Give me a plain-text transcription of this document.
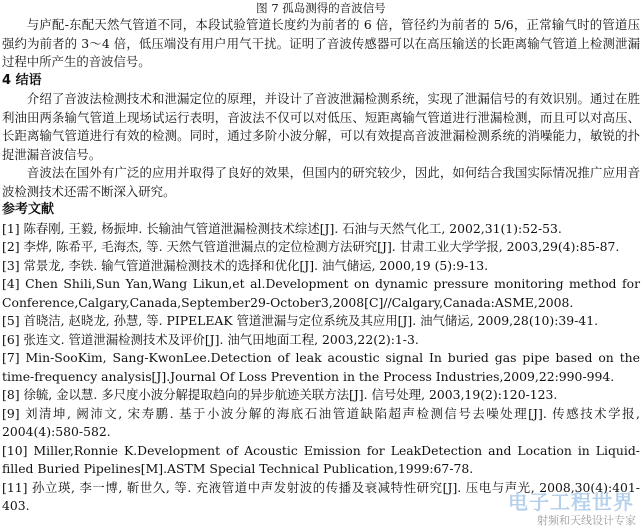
图 7 孤岛测得的音波信号

与庐配-东配天然气管道不同，本段试验管道长度约为前者的 6 倍，管径约为前者的 5/6，正常输气时的管道压强约为前者的 3～4 倍，低压端没有用户用气干扰。证明了音波传感器可以在高压输送的长距离输气管道上检测泄漏过程中所产生的音波信号。

4 结语

介绍了音波法检测技术和泄漏定位的原理，并设计了音波泄漏检测系统，实现了泄漏信号的有效识别。通过在胜利油田两条输气管道上现场试运行表明，音波法不仅可以对低压、短距离输气管道进行泄漏检测，而且可以对高压、长距离输气管道进行有效的检测。同时，通过多阶小波分解，可以有效提高音波泄漏检测系统的消噪能力，敏锐的扑捉泄漏音波信号。

音波法在国外有广泛的应用并取得了良好的效果，但国内的研究较少，因此，如何结合我国实际情况推广应用音波检测技术还需不断深入研究。

参考文献

[1] 陈春刚, 王毅, 杨振坤. 长输油气管道泄漏检测技术综述[J]. 石油与天然气化工, 2002,31(1):52-53.
[2] 李烨, 陈希平, 毛海杰, 等. 天然气管道泄漏点的定位检测方法研究[J]. 甘肃工业大学学报, 2003,29(4):85-87.
[3] 常景龙, 李铁. 输气管道泄漏检测技术的选择和优化[J]. 油气储运, 2000,19 (5):9-13.
[4] Chen Shili,Sun Yan,Wang Likun,et al.Development on dynamic pressure monitoring method for Conference,Calgary,Canada,September29-October3,2008[C]//Calgary,Canada:ASME,2008.
[5] 首晓洁, 赵晓龙, 孙慧, 等. PIPELEAK 管道泄漏与定位系统及其应用[J]. 油气储运, 2009,28(10):39-41.
[6] 张连文. 管道泄漏检测技术及评价[J]. 油气田地面工程, 2003,22(2):1-3.
[7] Min-SooKim, Sang-KwonLee.Detection of leak acoustic signal In buried gas pipe based on the time-frequency analysis[J].Journal Of Loss Prevention in the Process Industries,2009,22:990-994.
[8] 徐毓, 金以慧. 多尺度小波分解提取趋向的异步航迹关联方法[J]. 信号处理, 2003,19(2):120-123.
[9] 刘清坤, 阙沛文, 宋寿鹏. 基于小波分解的海底石油管道缺陷超声检测信号去噪处理[J]. 传感技术学报, 2004(4):580-582.
[10] Miller,Ronnie K.Development of Acoustic Emission for LeakDetection and Location in Liquid-filled Buried Pipelines[M].ASTM Special Technical Publication,1999:67-78.
[11] 孙立瑛, 李一博, 靳世久, 等. 充液管道中声发射波的传播及衰减特性研究[J]. 压电与声光, 2008,30(4):401-403.	电子工程世界
射频和天线设计专家
